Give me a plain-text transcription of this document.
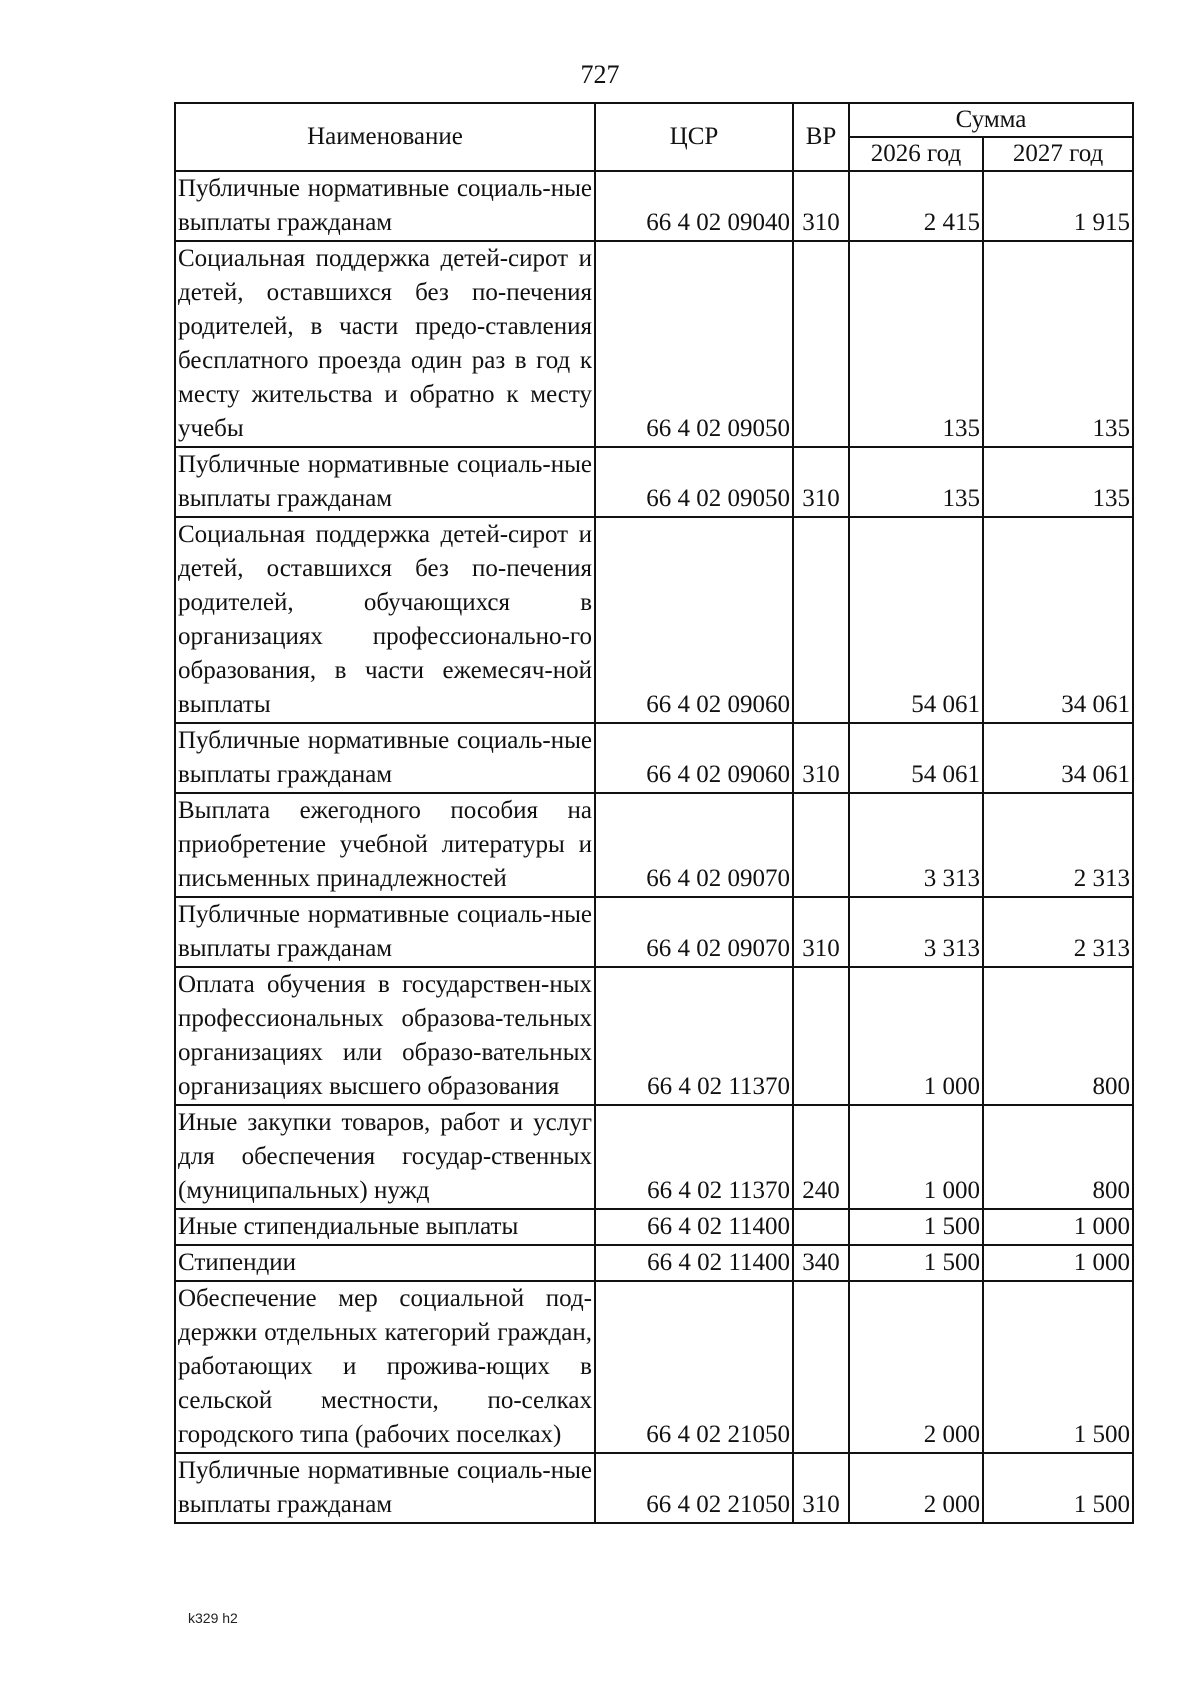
727
Наименование	ЦСР	ВР	Сумма	
			2026 год	2027 год
Публичные нормативные социаль-ные выплаты гражданам	66 4 02 09040	310	2 415	1 915
Социальная поддержка детей-сирот и детей, оставшихся без по-печения родителей, в части предо-ставления бесплатного проезда один раз в год к месту жительства и обратно к месту учебы	66 4 02 09050		135	135
Публичные нормативные социаль-ные выплаты гражданам	66 4 02 09050	310	135	135
Социальная поддержка детей-сирот и детей, оставшихся без по-печения родителей, обучающихся в организациях профессионально-го образования, в части ежемесяч-ной выплаты	66 4 02 09060		54 061	34 061
Публичные нормативные социаль-ные выплаты гражданам	66 4 02 09060	310	54 061	34 061
Выплата ежегодного пособия на приобретение учебной литературы и письменных принадлежностей	66 4 02 09070		3 313	2 313
Публичные нормативные социаль-ные выплаты гражданам	66 4 02 09070	310	3 313	2 313
Оплата обучения в государствен-ных профессиональных образова-тельных организациях или образо-вательных организациях высшего образования	66 4 02 11370		1 000	800
Иные закупки товаров, работ и услуг для обеспечения государ-ственных (муниципальных) нужд	66 4 02 11370	240	1 000	800
Иные стипендиальные выплаты	66 4 02 11400		1 500	1 000
Стипендии	66 4 02 11400	340	1 500	1 000
Обеспечение мер социальной под-держки отдельных категорий граждан, работающих и прожива-ющих в сельской местности, по-селках городского типа (рабочих поселках)	66 4 02 21050		2 000	1 500
Публичные нормативные социаль-ные выплаты гражданам	66 4 02 21050	310	2 000	1 500
k329 h2
